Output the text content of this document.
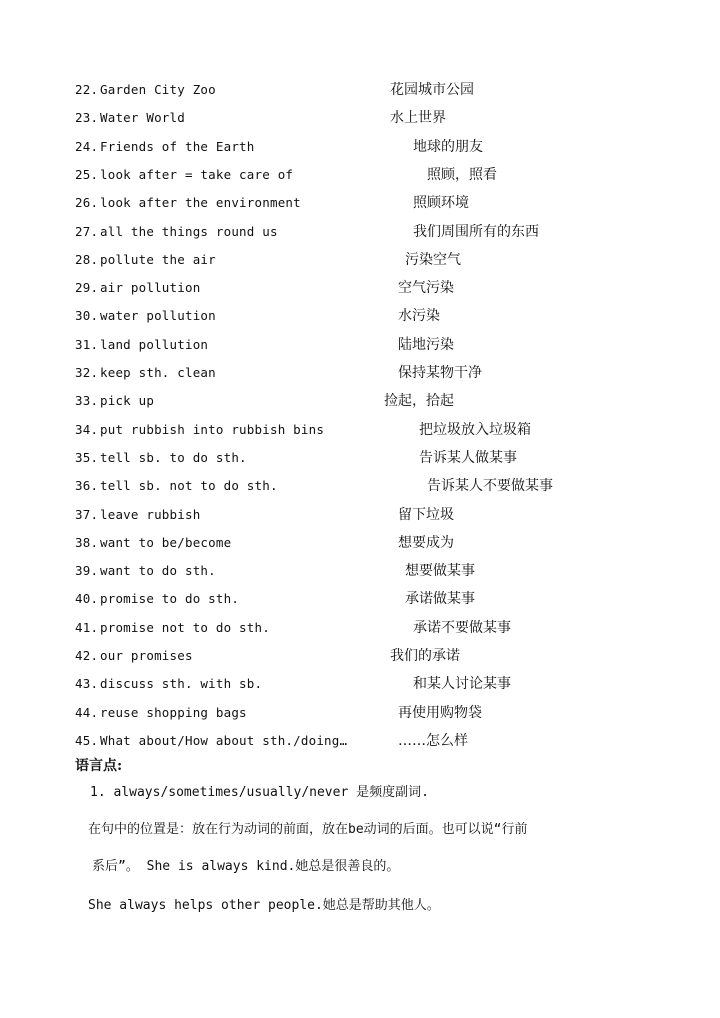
22. Garden City Zoo	花园城市公园
23. Water World	水上世界
24. Friends of the Earth	地球的朋友
25. look after = take care of	照顾，照看
26. look after the environment	照顾环境
27. all the things round us	我们周围所有的东西
28. pollute the air	污染空气
29. air pollution	空气污染
30. water pollution	水污染
31. land pollution	陆地污染
32. keep sth. clean	保持某物干净
33. pick up	捡起，拾起
34. put rubbish into rubbish bins	把垃圾放入垃圾箱
35. tell sb. to do sth.	告诉某人做某事
36. tell sb. not to do sth.	告诉某人不要做某事
37. leave rubbish	留下垃圾
38. want to be/become	想要成为
39. want to do sth.	想要做某事
40. promise to do sth.	承诺做某事
41. promise not to do sth.	承诺不要做某事
42. our promises	我们的承诺
43. discuss sth. with sb.	和某人讨论某事
44. reuse shopping bags	再使用购物袋
45. What about/How about sth./doing…	……怎么样
语言点:
1. always/sometimes/usually/never 是频度副词.
在句中的位置是：放在行为动词的前面，放在be动词的后面。也可以说“行前
系后”。 She is always kind.她总是很善良的。
She always helps other people.她总是帮助其他人。
